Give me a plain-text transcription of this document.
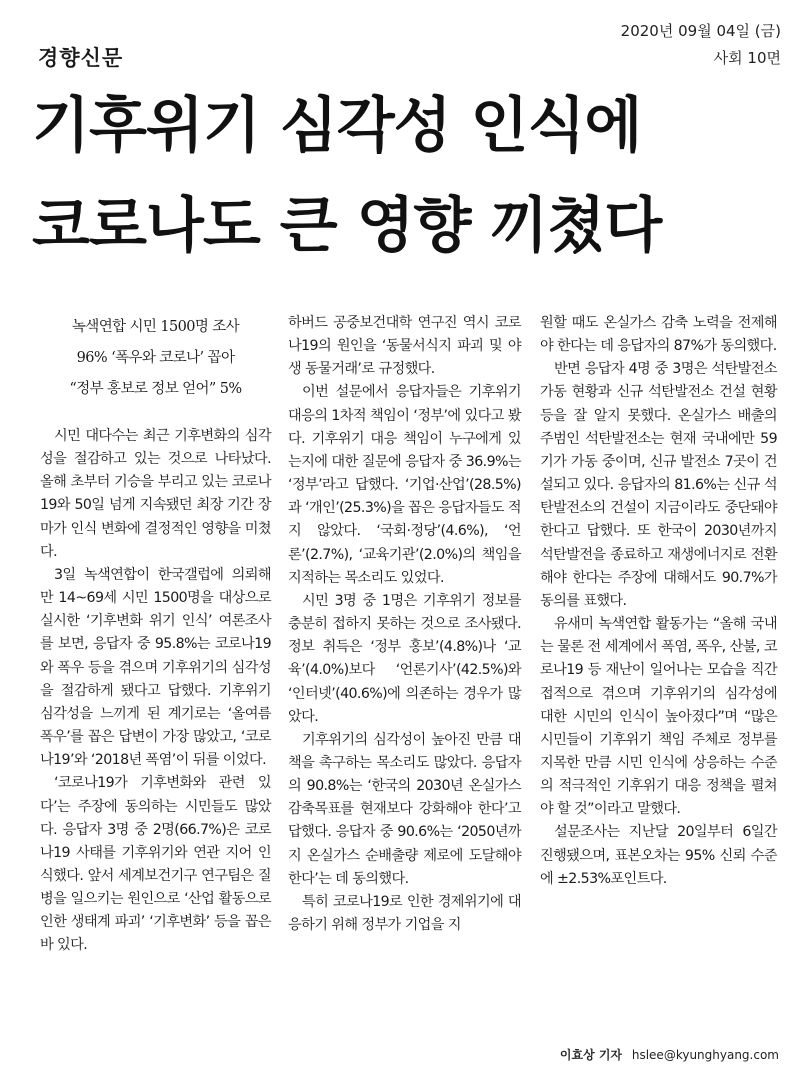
경향신문
2020년 09월 04일 (금)
사회 10면
기후위기 심각성 인식에
코로나도 큰 영향 끼쳤다
녹색연합 시민 1500명 조사
96% ‘폭우와 코로나’ 꼽아
“정부 홍보로 정보 얻어” 5%

시민 대다수는 최근 기후변화의 심각성을 절감하고 있는 것으로 나타났다. 올해 초부터 기승을 부리고 있는 코로나19와 50일 넘게 지속됐던 최장 기간 장마가 인식 변화에 결정적인 영향을 미쳤다.

3일 녹색연합이 한국갤럽에 의뢰해 만 14~69세 시민 1500명을 대상으로 실시한 ‘기후변화 위기 인식’ 여론조사를 보면, 응답자 중 95.8%는 코로나19와 폭우 등을 겪으며 기후위기의 심각성을 절감하게 됐다고 답했다. 기후위기 심각성을 느끼게 된 계기로는 ‘올여름 폭우’를 꼽은 답변이 가장 많았고, ‘코로나19’와 ‘2018년 폭염’이 뒤를 이었다.

‘코로나19가 기후변화와 관련 있다’는 주장에 동의하는 시민들도 많았다. 응답자 3명 중 2명(66.7%)은 코로나19 사태를 기후위기와 연관 지어 인식했다. 앞서 세계보건기구 연구팀은 질병을 일으키는 원인으로 ‘산업 활동으로 인한 생태계 파괴’ ‘기후변화’ 등을 꼽은 바 있다.

하버드 공중보건대학 연구진 역시 코로나19의 원인을 ‘동물서식지 파괴 및 야생 동물거래’로 규정했다.

이번 설문에서 응답자들은 기후위기 대응의 1차적 책임이 ‘정부’에 있다고 봤다. 기후위기 대응 책임이 누구에게 있는지에 대한 질문에 응답자 중 36.9%는 ‘정부’라고 답했다. ‘기업·산업’(28.5%)과 ‘개인’(25.3%)을 꼽은 응답자들도 적지 않았다. ‘국회·정당’(4.6%), ‘언론’(2.7%), ‘교육기관’(2.0%)의 책임을 지적하는 목소리도 있었다.

시민 3명 중 1명은 기후위기 정보를 충분히 접하지 못하는 것으로 조사됐다. 정보 취득은 ‘정부 홍보’(4.8%)나 ‘교육’(4.0%)보다 ‘언론기사’(42.5%)와 ‘인터넷’(40.6%)에 의존하는 경우가 많았다.

기후위기의 심각성이 높아진 만큼 대책을 촉구하는 목소리도 많았다. 응답자의 90.8%는 ‘한국의 2030년 온실가스 감축목표를 현재보다 강화해야 한다’고 답했다. 응답자 중 90.6%는 ‘2050년까지 온실가스 순배출량 제로에 도달해야 한다’는 데 동의했다.

특히 코로나19로 인한 경제위기에 대응하기 위해 정부가 기업을 지

원할 때도 온실가스 감축 노력을 전제해야 한다는 데 응답자의 87%가 동의했다.

반면 응답자 4명 중 3명은 석탄발전소 가동 현황과 신규 석탄발전소 건설 현황 등을 잘 알지 못했다. 온실가스 배출의 주범인 석탄발전소는 현재 국내에만 59기가 가동 중이며, 신규 발전소 7곳이 건설되고 있다. 응답자의 81.6%는 신규 석탄발전소의 건설이 지금이라도 중단돼야 한다고 답했다. 또 한국이 2030년까지 석탄발전을 종료하고 재생에너지로 전환해야 한다는 주장에 대해서도 90.7%가 동의를 표했다.

유새미 녹색연합 활동가는 “올해 국내는 물론 전 세계에서 폭염, 폭우, 산불, 코로나19 등 재난이 일어나는 모습을 직간접적으로 겪으며 기후위기의 심각성에 대한 시민의 인식이 높아졌다”며 “많은 시민들이 기후위기 책임 주체로 정부를 지목한 만큼 시민 인식에 상응하는 수준의 적극적인 기후위기 대응 정책을 펼쳐야 할 것”이라고 말했다.

설문조사는 지난달 20일부터 6일간 진행됐으며, 표본오차는 95% 신뢰 수준에 ±2.53%포인트다.

이효상 기자 hslee@kyunghyang.com
